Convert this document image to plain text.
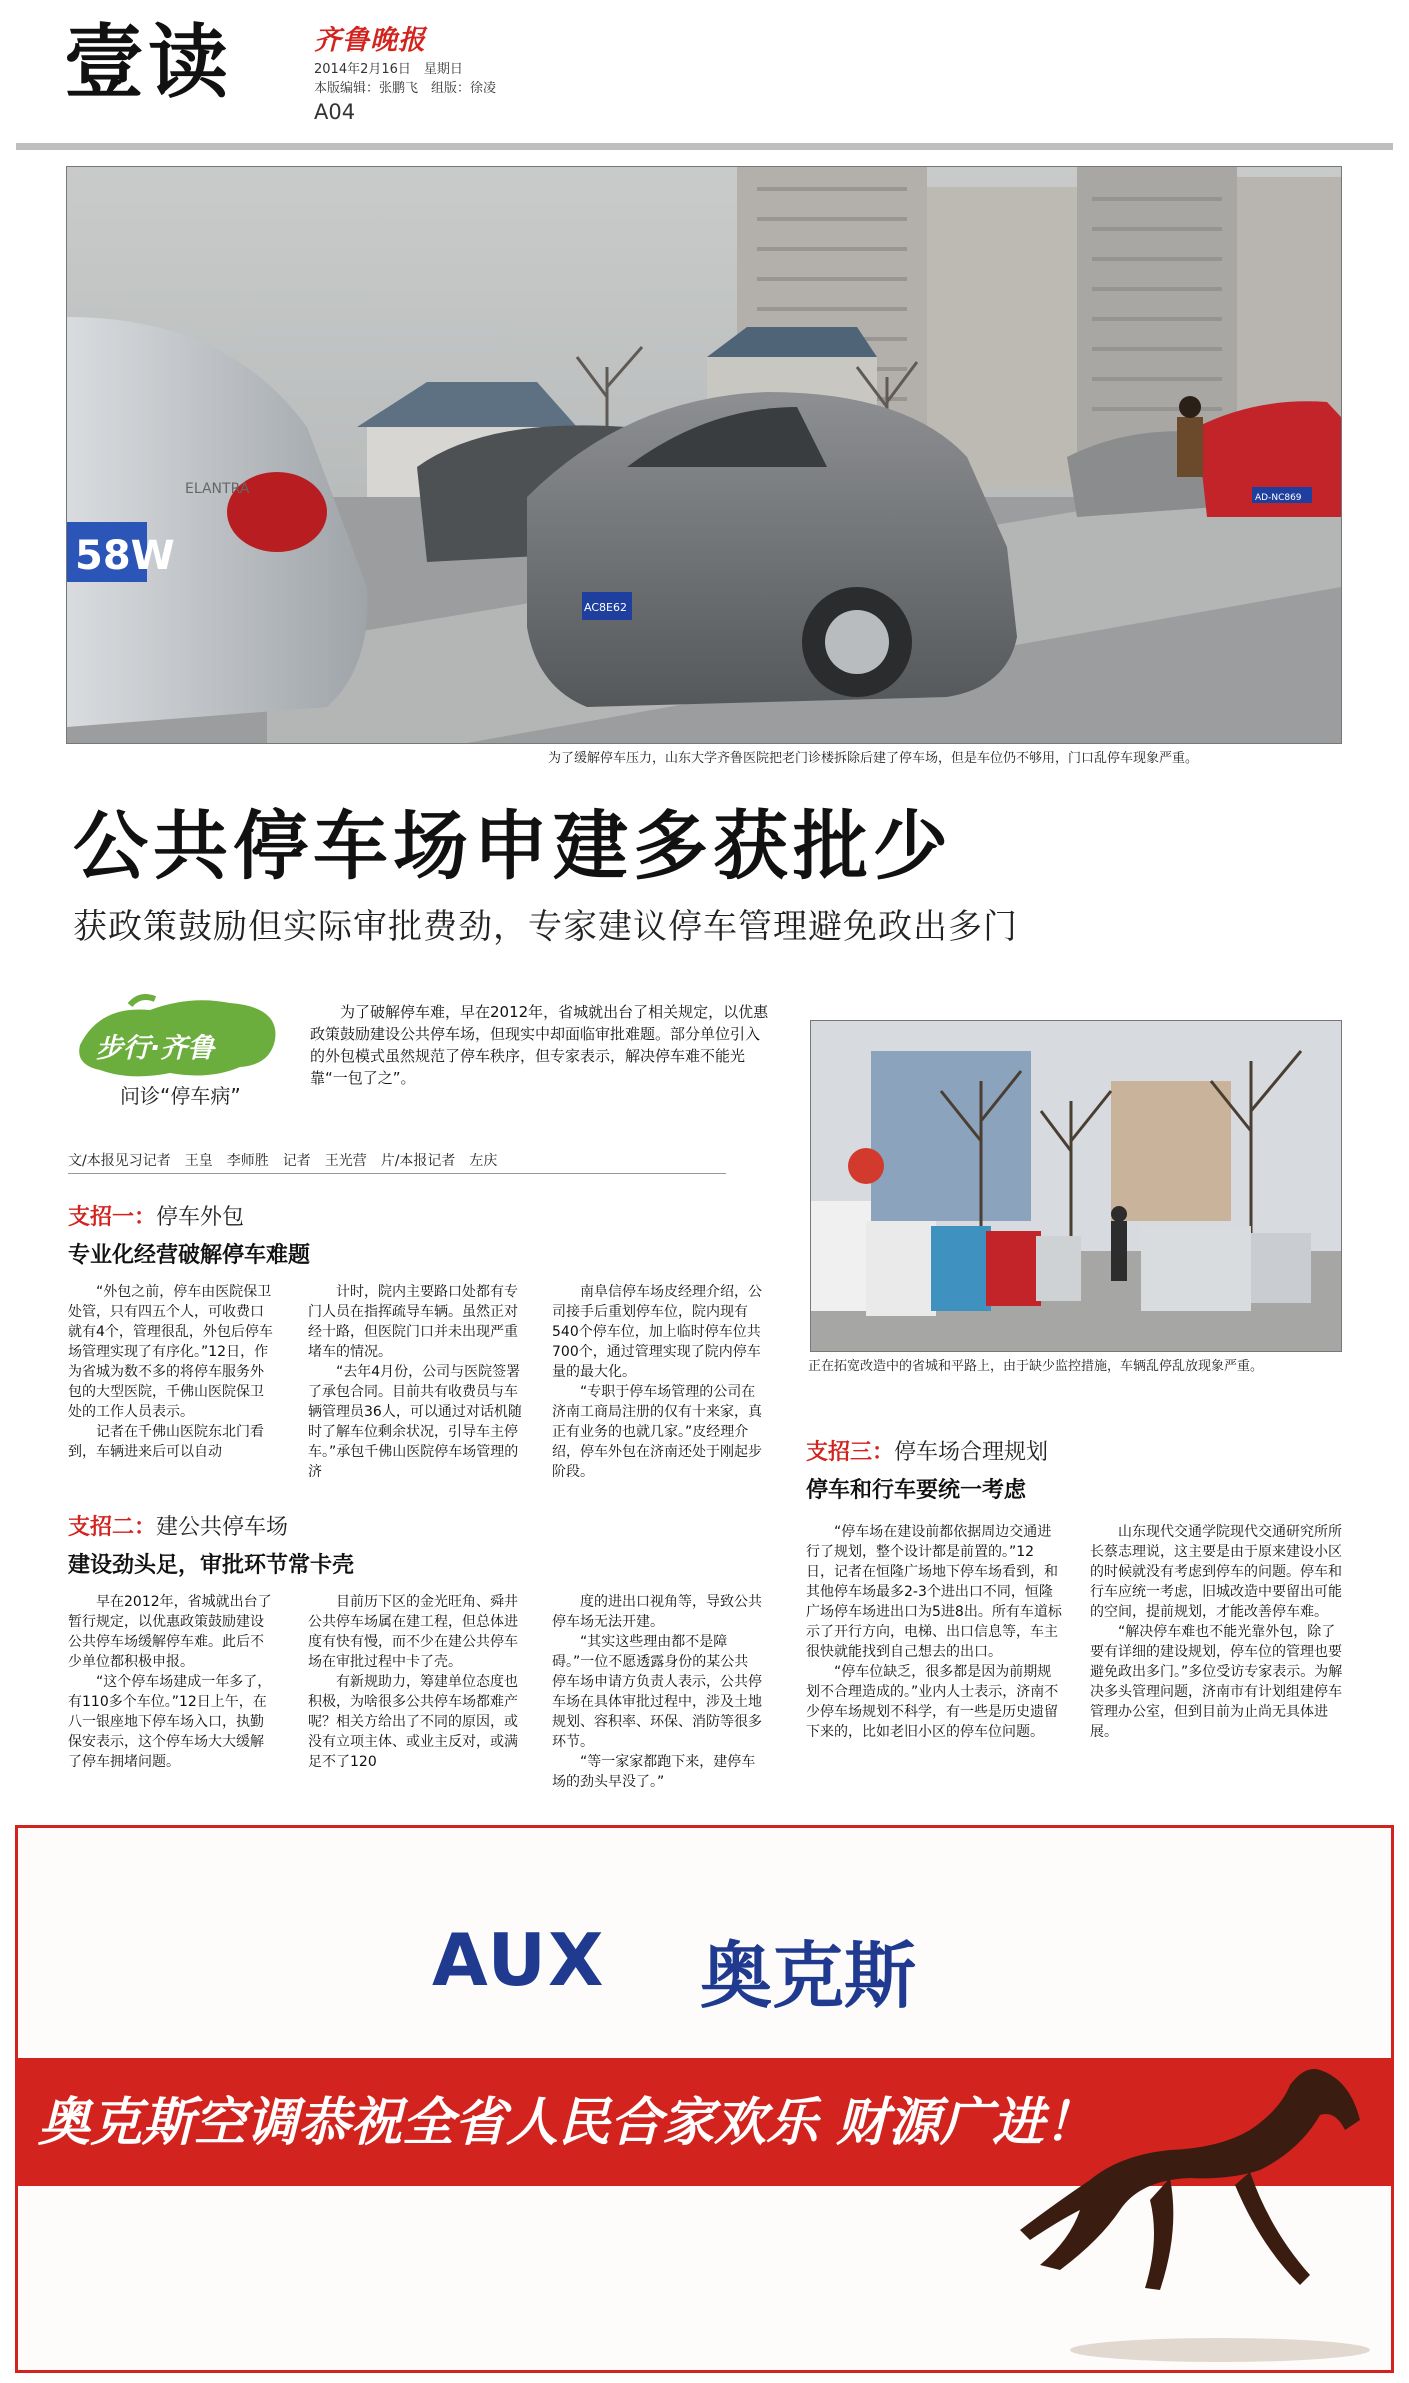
壹读	齐鲁晚报
2014年2月16日　星期日
本版编辑：张鹏飞　组版：徐凌
A04
58W
ELANTRA
AC8E62
AD-NC869
为了缓解停车压力，山东大学齐鲁医院把老门诊楼拆除后建了停车场，但是车位仍不够用，门口乱停车现象严重。
公共停车场申建多获批少
获政策鼓励但实际审批费劲，专家建议停车管理避免政出多门
步行·齐鲁
问诊“停车病”
为了破解停车难，早在2012年，省城就出台了相关规定，以优惠政策鼓励建设公共停车场，但现实中却面临审批难题。部分单位引入的外包模式虽然规范了停车秩序，但专家表示，解决停车难不能光靠“一包了之”。
文/本报见习记者　王皇　李师胜　记者　王光营　片/本报记者　左庆
支招一：停车外包
专业化经营破解停车难题

“外包之前，停车由医院保卫处管，只有四五个人，可收费口就有4个，管理很乱，外包后停车场管理实现了有序化。”12日，作为省城为数不多的将停车服务外包的大型医院，千佛山医院保卫处的工作人员表示。

记者在千佛山医院东北门看到，车辆进来后可以自动

计时，院内主要路口处都有专门人员在指挥疏导车辆。虽然正对经十路，但医院门口并未出现严重堵车的情况。

“去年4月份，公司与医院签署了承包合同。目前共有收费员与车辆管理员36人，可以通过对话机随时了解车位剩余状况，引导车主停车。”承包千佛山医院停车场管理的济

南阜信停车场皮经理介绍，公司接手后重划停车位，院内现有540个停车位，加上临时停车位共700个，通过管理实现了院内停车量的最大化。

“专职于停车场管理的公司在济南工商局注册的仅有十来家，真正有业务的也就几家。”皮经理介绍，停车外包在济南还处于刚起步阶段。

支招二：建公共停车场
建设劲头足，审批环节常卡壳

早在2012年，省城就出台了暂行规定，以优惠政策鼓励建设公共停车场缓解停车难。此后不少单位都积极申报。

“这个停车场建成一年多了，有110多个车位。”12日上午，在八一银座地下停车场入口，执勤保安表示，这个停车场大大缓解了停车拥堵问题。

目前历下区的金光旺角、舜井公共停车场属在建工程，但总体进度有快有慢，而不少在建公共停车场在审批过程中卡了壳。

有新规助力，筹建单位态度也积极，为啥很多公共停车场都难产呢？相关方给出了不同的原因，或没有立项主体、或业主反对，或满足不了120

度的进出口视角等，导致公共停车场无法开建。

“其实这些理由都不是障碍。”一位不愿透露身份的某公共停车场申请方负责人表示，公共停车场在具体审批过程中，涉及土地规划、容积率、环保、消防等很多环节。

“等一家家都跑下来，建停车场的劲头早没了。”

正在拓宽改造中的省城和平路上，由于缺少监控措施，车辆乱停乱放现象严重。
支招三：停车场合理规划
停车和行车要统一考虑

“停车场在建设前都依据周边交通进行了规划，整个设计都是前置的。”12日，记者在恒隆广场地下停车场看到，和其他停车场最多2-3个进出口不同，恒隆广场停车场进出口为5进8出。所有车道标示了开行方向，电梯、出口信息等，车主很快就能找到自己想去的出口。

“停车位缺乏，很多都是因为前期规划不合理造成的。”业内人士表示，济南不少停车场规划不科学，有一些是历史遗留下来的，比如老旧小区的停车位问题。

山东现代交通学院现代交通研究所所长蔡志理说，这主要是由于原来建设小区的时候就没有考虑到停车的问题。停车和行车应统一考虑，旧城改造中要留出可能的空间，提前规划，才能改善停车难。

“解决停车难也不能光靠外包，除了要有详细的建设规划，停车位的管理也要避免政出多门。”多位受访专家表示。为解决多头管理问题，济南市有计划组建停车管理办公室，但到目前为止尚无具体进展。

AUX 奥克斯
奥克斯空调恭祝全省人民合家欢乐 财源广进！
